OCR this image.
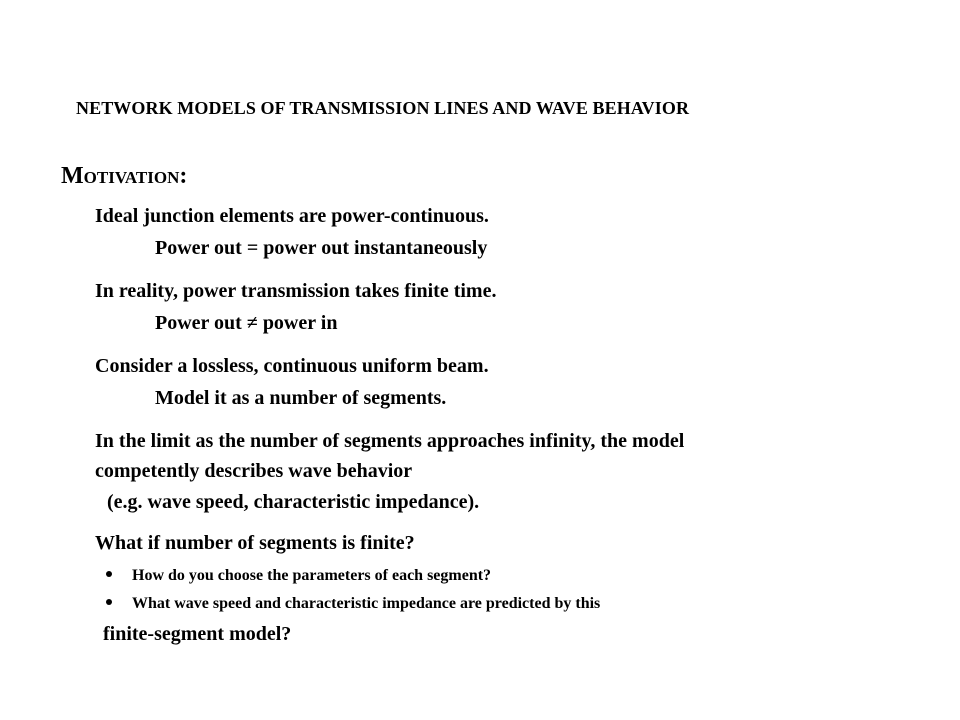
NETWORK MODELS OF TRANSMISSION LINES AND WAVE BEHAVIOR
Motivation:
Ideal junction elements are power-continuous.
Power out = power out instantaneously
In reality, power transmission takes finite time.
Power out ≠ power in
Consider a lossless, continuous uniform beam.
Model it as a number of segments.
In the limit as the number of segments approaches infinity, the model
competently describes wave behavior
(e.g. wave speed, characteristic impedance).
What if number of segments is finite?
How do you choose the parameters of each segment?
What wave speed and characteristic impedance are predicted by this
finite-segment model?
